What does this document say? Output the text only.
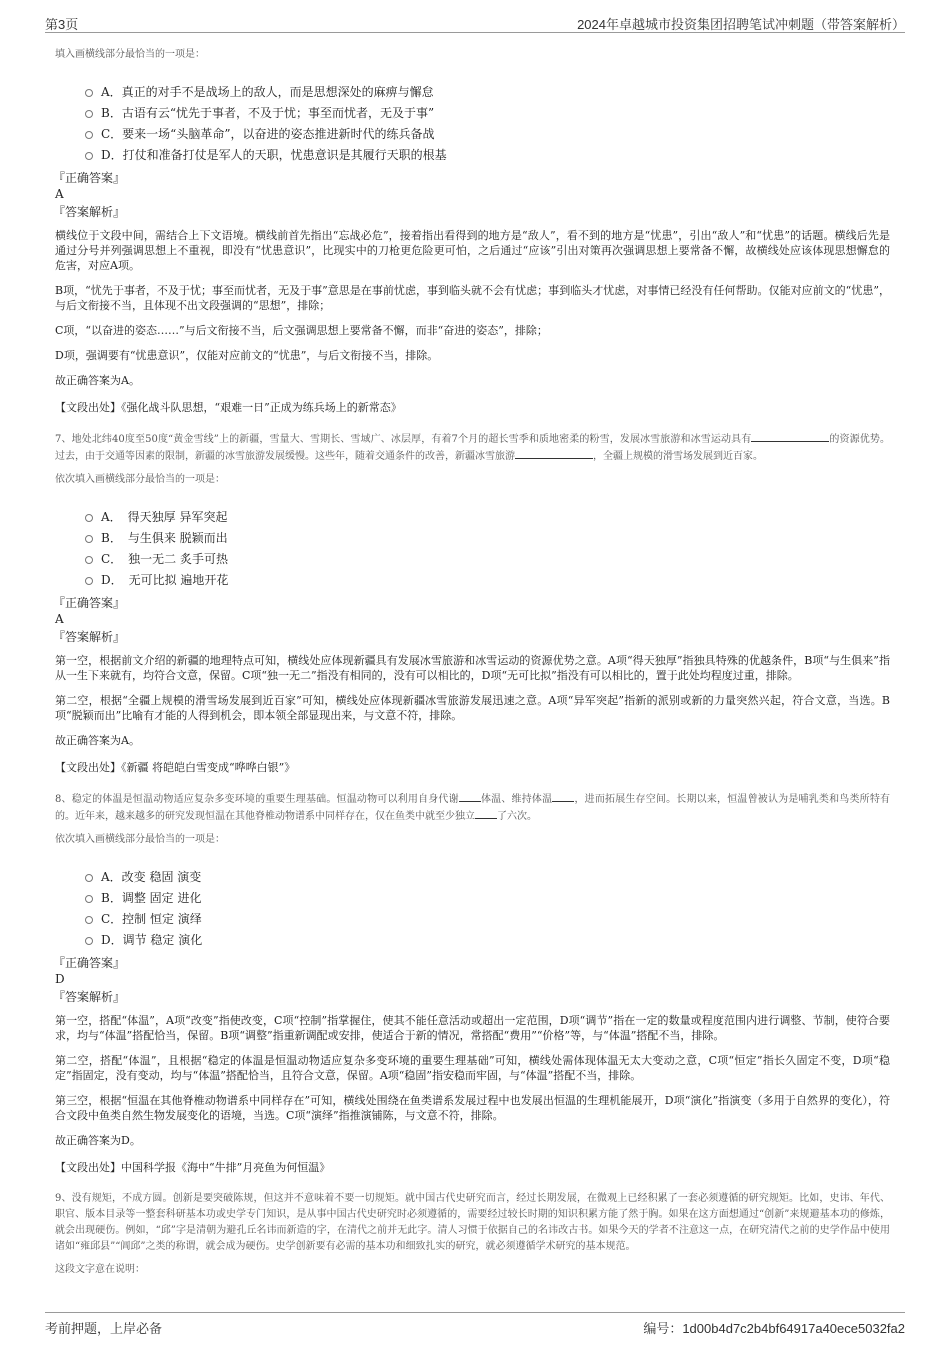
第3页	2024年卓越城市投资集团招聘笔试冲刺题（带答案解析）
填入画横线部分最恰当的一项是：
A．真正的对手不是战场上的敌人，而是思想深处的麻痹与懈怠
B．古语有云“忧先于事者，不及于忧；事至而忧者，无及于事”
C．要来一场“头脑革命”，以奋进的姿态推进新时代的练兵备战
D．打仗和准备打仗是军人的天职，忧患意识是其履行天职的根基
『正确答案』
A
『答案解析』

横线位于文段中间，需结合上下文语境。横线前首先指出“忘战必危”，接着指出看得到的地方是“敌人”，看不到的地方是“忧患”，引出“敌人”和“忧患”的话题。横线后先是通过分号并列强调思想上不重视，即没有“忧患意识”，比现实中的刀枪更危险更可怕，之后通过“应该”引出对策再次强调思想上要常备不懈，故横线处应该体现思想懈怠的危害，对应A项。

B项，“忧先于事者，不及于忧；事至而忧者，无及于事”意思是在事前忧虑，事到临头就不会有忧虑；事到临头才忧虑，对事情已经没有任何帮助。仅能对应前文的“忧患”，与后文衔接不当，且体现不出文段强调的“思想”，排除；

C项，“以奋进的姿态……”与后文衔接不当，后文强调思想上要常备不懈，而非“奋进的姿态”，排除；

D项，强调要有“忧患意识”，仅能对应前文的“忧患”，与后文衔接不当，排除。

故正确答案为A。

【文段出处】《强化战斗队思想，“艰难一日”正成为练兵场上的新常态》

7、地处北纬40度至50度“黄金雪线”上的新疆，雪量大、雪期长、雪域广、冰层厚，有着7个月的超长雪季和质地密柔的粉雪，发展冰雪旅游和冰雪运动具有	的资源优势。过去，由于交通等因素的限制，新疆的冰雪旅游发展缓慢。这些年，随着交通条件的改善，新疆冰雪旅游	，全疆上规模的滑雪场发展到近百家。

依次填入画横线部分最恰当的一项是：
A．　得天独厚 异军突起
B．　与生俱来 脱颖而出
C．　独一无二 炙手可热
D．　无可比拟 遍地开花
『正确答案』
A
『答案解析』

第一空，根据前文介绍的新疆的地理特点可知，横线处应体现新疆具有发展冰雪旅游和冰雪运动的资源优势之意。A项“得天独厚”指独具特殊的优越条件，B项“与生俱来”指从一生下来就有，均符合文意，保留。C项“独一无二”指没有相同的，没有可以相比的，D项“无可比拟”指没有可以相比的，置于此处均程度过重，排除。

第二空，根据“全疆上规模的滑雪场发展到近百家”可知，横线处应体现新疆冰雪旅游发展迅速之意。A项“异军突起”指新的派别或新的力量突然兴起，符合文意，当选。B项“脱颖而出”比喻有才能的人得到机会，即本领全部显现出来，与文意不符，排除。

故正确答案为A。

【文段出处】《新疆 将皑皑白雪变成“哗哗白银”》

8、稳定的体温是恒温动物适应复杂多变环境的重要生理基础。恒温动物可以利用自身代谢 体温、维持体温 ，进而拓展生存空间。长期以来，恒温曾被认为是哺乳类和鸟类所特有的。近年来，越来越多的研究发现恒温在其他脊椎动物谱系中同样存在，仅在鱼类中就至少独立 了六次。

依次填入画横线部分最恰当的一项是：
A．改变 稳固 演变
B．调整 固定 进化
C．控制 恒定 演绎
D．调节 稳定 演化
『正确答案』
D
『答案解析』

第一空，搭配“体温”，A项“改变”指使改变，C项“控制”指掌握住，使其不能任意活动或超出一定范围，D项“调节”指在一定的数量或程度范围内进行调整、节制，使符合要求，均与“体温”搭配恰当，保留。B项“调整”指重新调配或安排，使适合于新的情况，常搭配“费用”“价格”等，与“体温”搭配不当，排除。

第二空，搭配“体温”，且根据“稳定的体温是恒温动物适应复杂多变环境的重要生理基础”可知，横线处需体现体温无太大变动之意，C项“恒定”指长久固定不变，D项“稳定”指固定，没有变动，均与“体温”搭配恰当，且符合文意，保留。A项“稳固”指安稳而牢固，与“体温”搭配不当，排除。

第三空，根据“恒温在其他脊椎动物谱系中同样存在”可知，横线处围绕在鱼类谱系发展过程中也发展出恒温的生理机能展开，D项“演化”指演变（多用于自然界的变化），符合文段中鱼类自然生物发展变化的语境，当选。C项“演绎”指推演铺陈，与文意不符，排除。

故正确答案为D。

【文段出处】中国科学报《海中“牛排”月亮鱼为何恒温》

9、没有规矩，不成方圆。创新是要突破陈规，但这并不意味着不要一切规矩。就中国古代史研究而言，经过长期发展，在微观上已经积累了一套必须遵循的研究规矩。比如，史讳、年代、职官、版本目录等一整套科研基本功或史学专门知识，是从事中国古代史研究时必须遵循的，需要经过较长时期的知识积累方能了然于胸。如果在这方面想通过“创新”来规避基本功的修炼，就会出现硬伤。例如，“邱”字是清朝为避孔丘名讳而新造的字，在清代之前并无此字。清人习惯于依据自己的名讳改古书。如果今天的学者不注意这一点，在研究清代之前的史学作品中使用诸如“雍邱县”“阊邱”之类的称谓，就会成为硬伤。史学创新要有必需的基本功和细致扎实的研究，就必须遵循学术研究的基本规范。

这段文字意在说明：
考前押题，上岸必备	编号：1d00b4d7c2b4bf64917a40ece5032fa2
